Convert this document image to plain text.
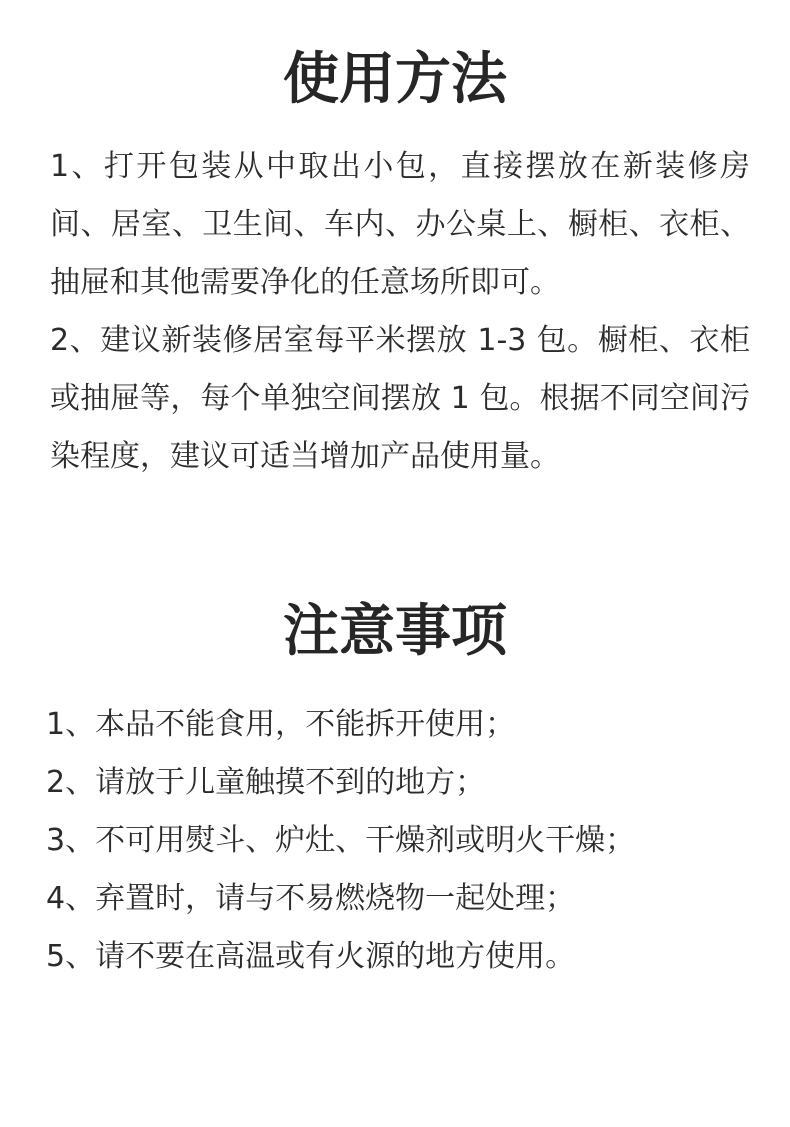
使用方法

1、打开包装从中取出小包，直接摆放在新装修房间、居室、卫生间、车内、办公桌上、橱柜、衣柜、抽屉和其他需要净化的任意场所即可。

2、建议新装修居室每平米摆放 1-3 包。橱柜、衣柜或抽屉等，每个单独空间摆放 1 包。根据不同空间污染程度，建议可适当增加产品使用量。

注意事项
1、本品不能食用，不能拆开使用；
2、请放于儿童触摸不到的地方；
3、不可用熨斗、炉灶、干燥剂或明火干燥；
4、弃置时，请与不易燃烧物一起处理；
5、请不要在高温或有火源的地方使用。
